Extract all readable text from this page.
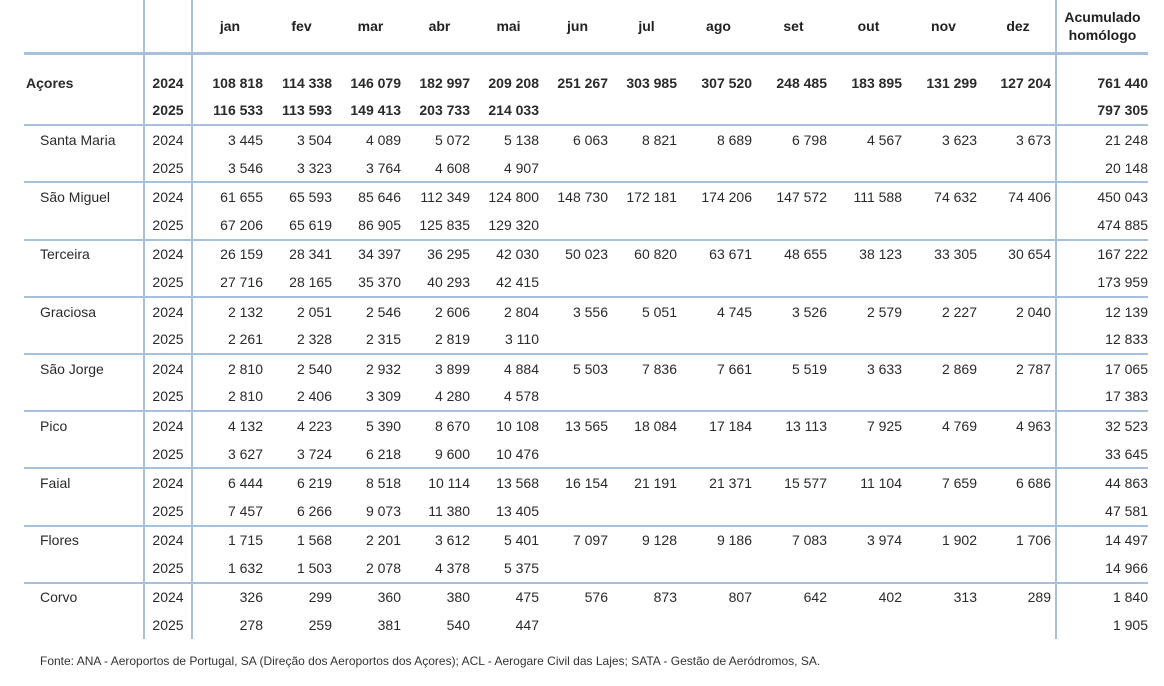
		jan	fev	mar	abr	mai	jun	jul	ago	set	out	nov	dez	Acumulado
homólogo

Açores	2024	108 818	114 338	146 079	182 997	209 208	251 267	303 985	307 520	248 485	183 895	131 299	127 204	761 440
	2025	116 533	113 593	149 413	203 733	214 033								797 305
Santa Maria	2024	3 445	3 504	4 089	5 072	5 138	6 063	8 821	8 689	6 798	4 567	3 623	3 673	21 248
	2025	3 546	3 323	3 764	4 608	4 907								20 148
São Miguel	2024	61 655	65 593	85 646	112 349	124 800	148 730	172 181	174 206	147 572	111 588	74 632	74 406	450 043
	2025	67 206	65 619	86 905	125 835	129 320								474 885
Terceira	2024	26 159	28 341	34 397	36 295	42 030	50 023	60 820	63 671	48 655	38 123	33 305	30 654	167 222
	2025	27 716	28 165	35 370	40 293	42 415								173 959
Graciosa	2024	2 132	2 051	2 546	2 606	2 804	3 556	5 051	4 745	3 526	2 579	2 227	2 040	12 139
	2025	2 261	2 328	2 315	2 819	3 110								12 833
São Jorge	2024	2 810	2 540	2 932	3 899	4 884	5 503	7 836	7 661	5 519	3 633	2 869	2 787	17 065
	2025	2 810	2 406	3 309	4 280	4 578								17 383
Pico	2024	4 132	4 223	5 390	8 670	10 108	13 565	18 084	17 184	13 113	7 925	4 769	4 963	32 523
	2025	3 627	3 724	6 218	9 600	10 476								33 645
Faial	2024	6 444	6 219	8 518	10 114	13 568	16 154	21 191	21 371	15 577	11 104	7 659	6 686	44 863
	2025	7 457	6 266	9 073	11 380	13 405								47 581
Flores	2024	1 715	1 568	2 201	3 612	5 401	7 097	9 128	9 186	7 083	3 974	1 902	1 706	14 497
	2025	1 632	1 503	2 078	4 378	5 375								14 966
Corvo	2024	326	299	360	380	475	576	873	807	642	402	313	289	1 840
	2025	278	259	381	540	447								1 905
Fonte: ANA - Aeroportos de Portugal, SA (Direção dos Aeroportos dos Açores); ACL - Aerogare Civil das Lajes; SATA - Gestão de Aeródromos, SA.
